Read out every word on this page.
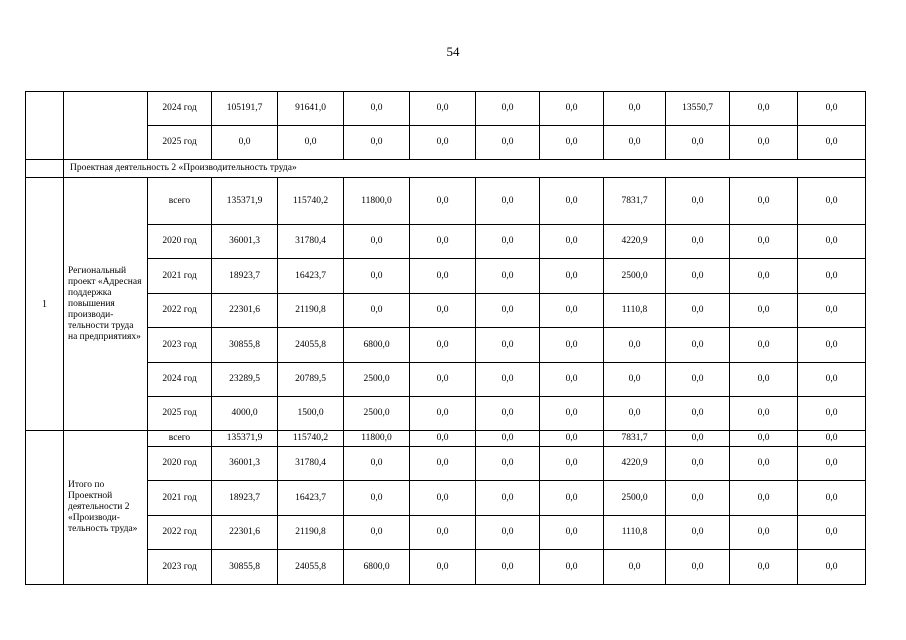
54
		2024 год	105191,7	91641,0	0,0	0,0	0,0	0,0	0,0	13550,7	0,0	0,0
		2025 год	0,0	0,0	0,0	0,0	0,0	0,0	0,0	0,0	0,0	0,0
	Проектная деятельность 2 «Производительность труда»											
1	Региональный проект «Адресная поддержка повышения производи-тельности труда на предприятиях»	всего	135371,9	115740,2	11800,0	0,0	0,0	0,0	7831,7	0,0	0,0	0,0
		2020 год	36001,3	31780,4	0,0	0,0	0,0	0,0	4220,9	0,0	0,0	0,0
		2021 год	18923,7	16423,7	0,0	0,0	0,0	0,0	2500,0	0,0	0,0	0,0
		2022 год	22301,6	21190,8	0,0	0,0	0,0	0,0	1110,8	0,0	0,0	0,0
		2023 год	30855,8	24055,8	6800,0	0,0	0,0	0,0	0,0	0,0	0,0	0,0
		2024 год	23289,5	20789,5	2500,0	0,0	0,0	0,0	0,0	0,0	0,0	0,0
		2025 год	4000,0	1500,0	2500,0	0,0	0,0	0,0	0,0	0,0	0,0	0,0
	Итого по Проектной деятельности 2 «Производи-тельность труда»	всего	135371,9	115740,2	11800,0	0,0	0,0	0,0	7831,7	0,0	0,0	0,0
		2020 год	36001,3	31780,4	0,0	0,0	0,0	0,0	4220,9	0,0	0,0	0,0
		2021 год	18923,7	16423,7	0,0	0,0	0,0	0,0	2500,0	0,0	0,0	0,0
		2022 год	22301,6	21190,8	0,0	0,0	0,0	0,0	1110,8	0,0	0,0	0,0
		2023 год	30855,8	24055,8	6800,0	0,0	0,0	0,0	0,0	0,0	0,0	0,0
